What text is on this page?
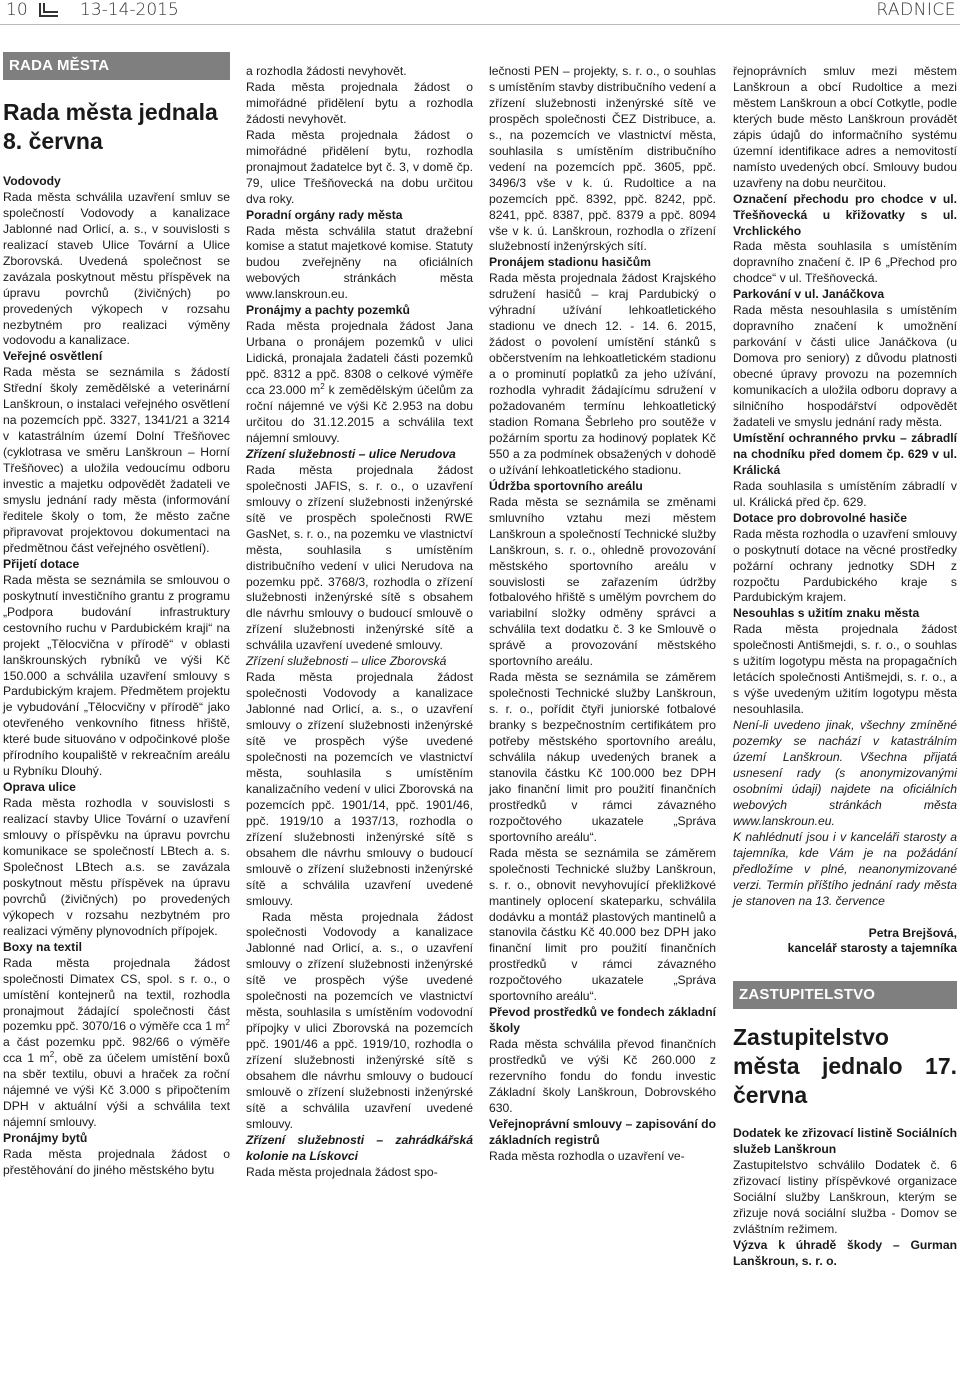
10	13-14-2015	RADNICE
RADA MĚSTA
Rada města jednala 8. června

Vodovody

Rada města schválila uzavření smluv se společností Vodovody a kanalizace Jablonné nad Orlicí, a. s., v souvislosti s realizací staveb Ulice Tovární a Ulice Zborovská. Uvedená společnost se zavázala poskytnout městu příspěvek na úpravu povrchů (živičných) po provedených výkopech v rozsahu nezbytném pro realizaci výměny vodovodu a kanalizace.

Veřejné osvětlení

Rada města se seznámila s žádostí Střední školy zemědělské a veterinární Lanškroun, o instalaci veřejného osvětlení na pozemcích ppč. 3327, 1341/21 a 3214 v katastrálním území Dolní Třešňovec (cyklotrasa ve směru Lanškroun – Horní Třešňovec) a uložila vedoucímu odboru investic a majetku odpovědět žadateli ve smyslu jednání rady města (informování ředitele školy o tom, že město začne připravovat projektovou dokumentaci na předmětnou část veřejného osvětlení).

Přijetí dotace

Rada města se seznámila se smlouvou o poskytnutí investičního grantu z programu „Podpora budování infrastruktury cestovního ruchu v Pardubickém kraji“ na projekt „Tělocvična v přírodě“ v oblasti lanškrounských rybníků ve výši Kč 150.000 a schválila uzavření smlouvy s Pardubickým krajem. Předmětem projektu je vybudování „Tělocvičny v přírodě“ jako otevřeného venkovního fitness hřiště, které bude situováno v odpočinkové ploše přírodního koupaliště v rekreačním areálu u Rybníku Dlouhý.

Oprava ulice

Rada města rozhodla v souvislosti s realizací stavby Ulice Tovární o uzavření smlouvy o příspěvku na úpravu povrchu komunikace se společností LBtech a. s. Společnost LBtech a.s. se zavázala poskytnout městu příspěvek na úpravu povrchů (živičných) po provedených výkopech v rozsahu nezbytném pro realizaci výměny plynovodních přípojek.

Boxy na textil

Rada města projednala žádost společnosti Dimatex CS, spol. s r. o., o umístění kontejnerů na textil, rozhodla pronajmout žádající společnosti část pozemku ppč. 3070/16 o výměře cca 1 $m^2$ a část pozemku ppč. 982/66 o výměře cca 1 $m^2$, obě za účelem umístění boxů na sběr textilu, obuvi a hraček za roční nájemné ve výši Kč 3.000 s připočtením DPH v aktuální výši a schválila text nájemní smlouvy.

Pronájmy bytů

Rada města projednala žádost o přestěhování do jiného městského bytu

a rozhodla žádosti nevyhovět.

Rada města projednala žádost o mimořádné přidělení bytu a rozhodla žádosti nevyhovět.

Rada města projednala žádost o mimořádné přidělení bytu, rozhodla pronajmout žadatelce byt č. 3, v domě čp. 79, ulice Třešňovecká na dobu určitou dva roky.

Poradní orgány rady města

Rada města schválila statut dražební komise a statut majetkové komise. Statuty budou zveřejněny na oficiálních webových stránkách města www.lanskroun.eu.

Pronájmy a pachty pozemků

Rada města projednala žádost Jana Urbana o pronájem pozemků v ulici Lidická, pronajala žadateli části pozemků ppč. 8312 a ppč. 8308 o celkové výměře cca 23.000 $m^2$ k zemědělským účelům za roční nájemné ve výši Kč 2.953 na dobu určitou do 31.12.2015 a schválila text nájemní smlouvy.

Zřízení služebnosti – ulice Nerudova

Rada města projednala žádost společnosti JAFIS, s. r. o., o uzavření smlouvy o zřízení služebnosti inženýrské sítě ve prospěch společnosti RWE GasNet, s. r. o., na pozemku ve vlastnictví města, souhlasila s umístěním distribučního vedení v ulici Nerudova na pozemku ppč. 3768/3, rozhodla o zřízení služebnosti inženýrské sítě s obsahem dle návrhu smlouvy o budoucí smlouvě o zřízení služebnosti inženýrské sítě a schválila uzavření uvedené smlouvy.

Zřízení služebnosti – ulice Zborovská

Rada města projednala žádost společnosti Vodovody a kanalizace Jablonné nad Orlicí, a. s., o uzavření smlouvy o zřízení služebnosti inženýrské sítě ve prospěch výše uvedené společnosti na pozemcích ve vlastnictví města, souhlasila s umístěním kanalizačního vedení v ulici Zborovská na pozemcích ppč. 1901/14, ppč. 1901/46, ppč. 1919/10 a 1937/13, rozhodla o zřízení služebnosti inženýrské sítě s obsahem dle návrhu smlouvy o budoucí smlouvě o zřízení služebnosti inženýrské sítě a schválila uzavření uvedené smlouvy.

Rada města projednala žádost společnosti Vodovody a kanalizace Jablonné nad Orlicí, a. s., o uzavření smlouvy o zřízení služebnosti inženýrské sítě ve prospěch výše uvedené společnosti na pozemcích ve vlastnictví města, souhlasila s umístěním vodovodní přípojky v ulici Zborovská na pozemcích ppč. 1901/46 a ppč. 1919/10, rozhodla o zřízení služebnosti inženýrské sítě s obsahem dle návrhu smlouvy o budoucí smlouvě o zřízení služebnosti inženýrské sítě a schválila uzavření uvedené smlouvy.

Zřízení služebnosti – zahrádkářská kolonie na Lískovci

Rada města projednala žádost spo-

lečnosti PEN – projekty, s. r. o., o souhlas s umístěním stavby distribučního vedení a zřízení služebnosti inženýrské sítě ve prospěch společnosti ČEZ Distribuce, a. s., na pozemcích ve vlastnictví města, souhlasila s umístěním distribučního vedení na pozemcích ppč. 3605, ppč. 3496/3 vše v k. ú. Rudoltice a na pozemcích ppč. 8392, ppč. 8242, ppč. 8241, ppč. 8387, ppč. 8379 a ppč. 8094 vše v k. ú. Lanškroun, rozhodla o zřízení služebností inženýrských sítí.

Pronájem stadionu hasičům

Rada města projednala žádost Krajského sdružení hasičů – kraj Pardubický o výhradní užívání lehkoatletického stadionu ve dnech 12. - 14. 6. 2015, žádost o povolení umístění stánků s občerstvením na lehkoatletickém stadionu a o prominutí poplatků za jeho užívání, rozhodla vyhradit žádajícímu sdružení v požadovaném termínu lehkoatletický stadion Romana Šebrleho pro soutěže v požárním sportu za hodinový poplatek Kč 550 a za podmínek obsažených v dohodě o užívání lehkoatletického stadionu.

Údržba sportovního areálu

Rada města se seznámila se změnami smluvního vztahu mezi městem Lanškroun a společností Technické služby Lanškroun, s. r. o., ohledně provozování městského sportovního areálu v souvislosti se zařazením údržby fotbalového hřiště s umělým povrchem do variabilní složky odměny správci a schválila text dodatku č. 3 ke Smlouvě o správě a provozování městského sportovního areálu.

Rada města se seznámila se záměrem společnosti Technické služby Lanškroun, s. r. o., pořídit čtyři juniorské fotbalové branky s bezpečnostním certifikátem pro potřeby městského sportovního areálu, schválila nákup uvedených branek a stanovila částku Kč 100.000 bez DPH jako finanční limit pro použití finančních prostředků v rámci závazného rozpočtového ukazatele „Správa sportovního areálu“.

Rada města se seznámila se záměrem společnosti Technické služby Lanškroun, s. r. o., obnovit nevyhovující překližkové mantinely oplocení skateparku, schválila dodávku a montáž plastových mantinelů a stanovila částku Kč 40.000 bez DPH jako finanční limit pro použití finančních prostředků v rámci závazného rozpočtového ukazatele „Správa sportovního areálu“.

Převod prostředků ve fondech základní školy

Rada města schválila převod finančních prostředků ve výši Kč 260.000 z rezervního fondu do fondu investic Základní školy Lanškroun, Dobrovského 630.

Veřejnoprávní smlouvy – zapisování do základních registrů

Rada města rozhodla o uzavření ve-

řejnoprávních smluv mezi městem Lanškroun a obcí Rudoltice a mezi městem Lanškroun a obcí Cotkytle, podle kterých bude město Lanškroun provádět zápis údajů do informačního systému územní identifikace adres a nemovitostí namísto uvedených obcí. Smlouvy budou uzavřeny na dobu neurčitou.

Označení přechodu pro chodce v ul. Třešňovecká u křižovatky s ul. Vrchlického

Rada města souhlasila s umístěním dopravního značení č. IP 6 „Přechod pro chodce“ v ul. Třešňovecká.

Parkování v ul. Janáčkova

Rada města nesouhlasila s umístěním dopravního značení k umožnění parkování v části ulice Janáčkova (u Domova pro seniory) z důvodu platnosti obecné úpravy provozu na pozemních komunikacích a uložila odboru dopravy a silničního hospodářství odpovědět žadateli ve smyslu jednání rady města.

Umístění ochranného prvku – zábradlí na chodníku před domem čp. 629 v ul. Králická

Rada souhlasila s umístěním zábradlí v ul. Králická před čp. 629.

Dotace pro dobrovolné hasiče

Rada města rozhodla o uzavření smlouvy o poskytnutí dotace na věcné prostředky požární ochrany jednotky SDH z rozpočtu Pardubického kraje s Pardubickým krajem.

Nesouhlas s užitím znaku města

Rada města projednala žádost společnosti Antišmejdi, s. r. o., o souhlas s užitím logotypu města na propagačních letácích společnosti Antišmejdi, s. r. o., a s výše uvedeným užitím logotypu města nesouhlasila.

Není-li uvedeno jinak, všechny zmíněné pozemky se nachází v katastrálním území Lanškroun. Všechna přijatá usnesení rady (s anonymizovanými osobními údaji) najdete na oficiálních webových stránkách města www.lanskroun.eu.

K nahlédnutí jsou i v kanceláři starosty a tajemníka, kde Vám je na požádání předložíme v plné, neanonymizované verzi. Termín příštího jednání rady města je stanoven na 13. července

Petra Brejšová,

kancelář starosty a tajemníka

ZASTUPITELSTVO
Zastupitelstvo města jednalo 17. června

Dodatek ke zřizovací listině Sociálních služeb Lanškroun

Zastupitelstvo schválilo Dodatek č. 6 zřizovací listiny příspěvkové organizace Sociální služby Lanškroun, kterým se zřizuje nová sociální služba - Domov se zvláštním režimem.

Výzva k úhradě škody – Gurman Lanškroun, s. r. o.
